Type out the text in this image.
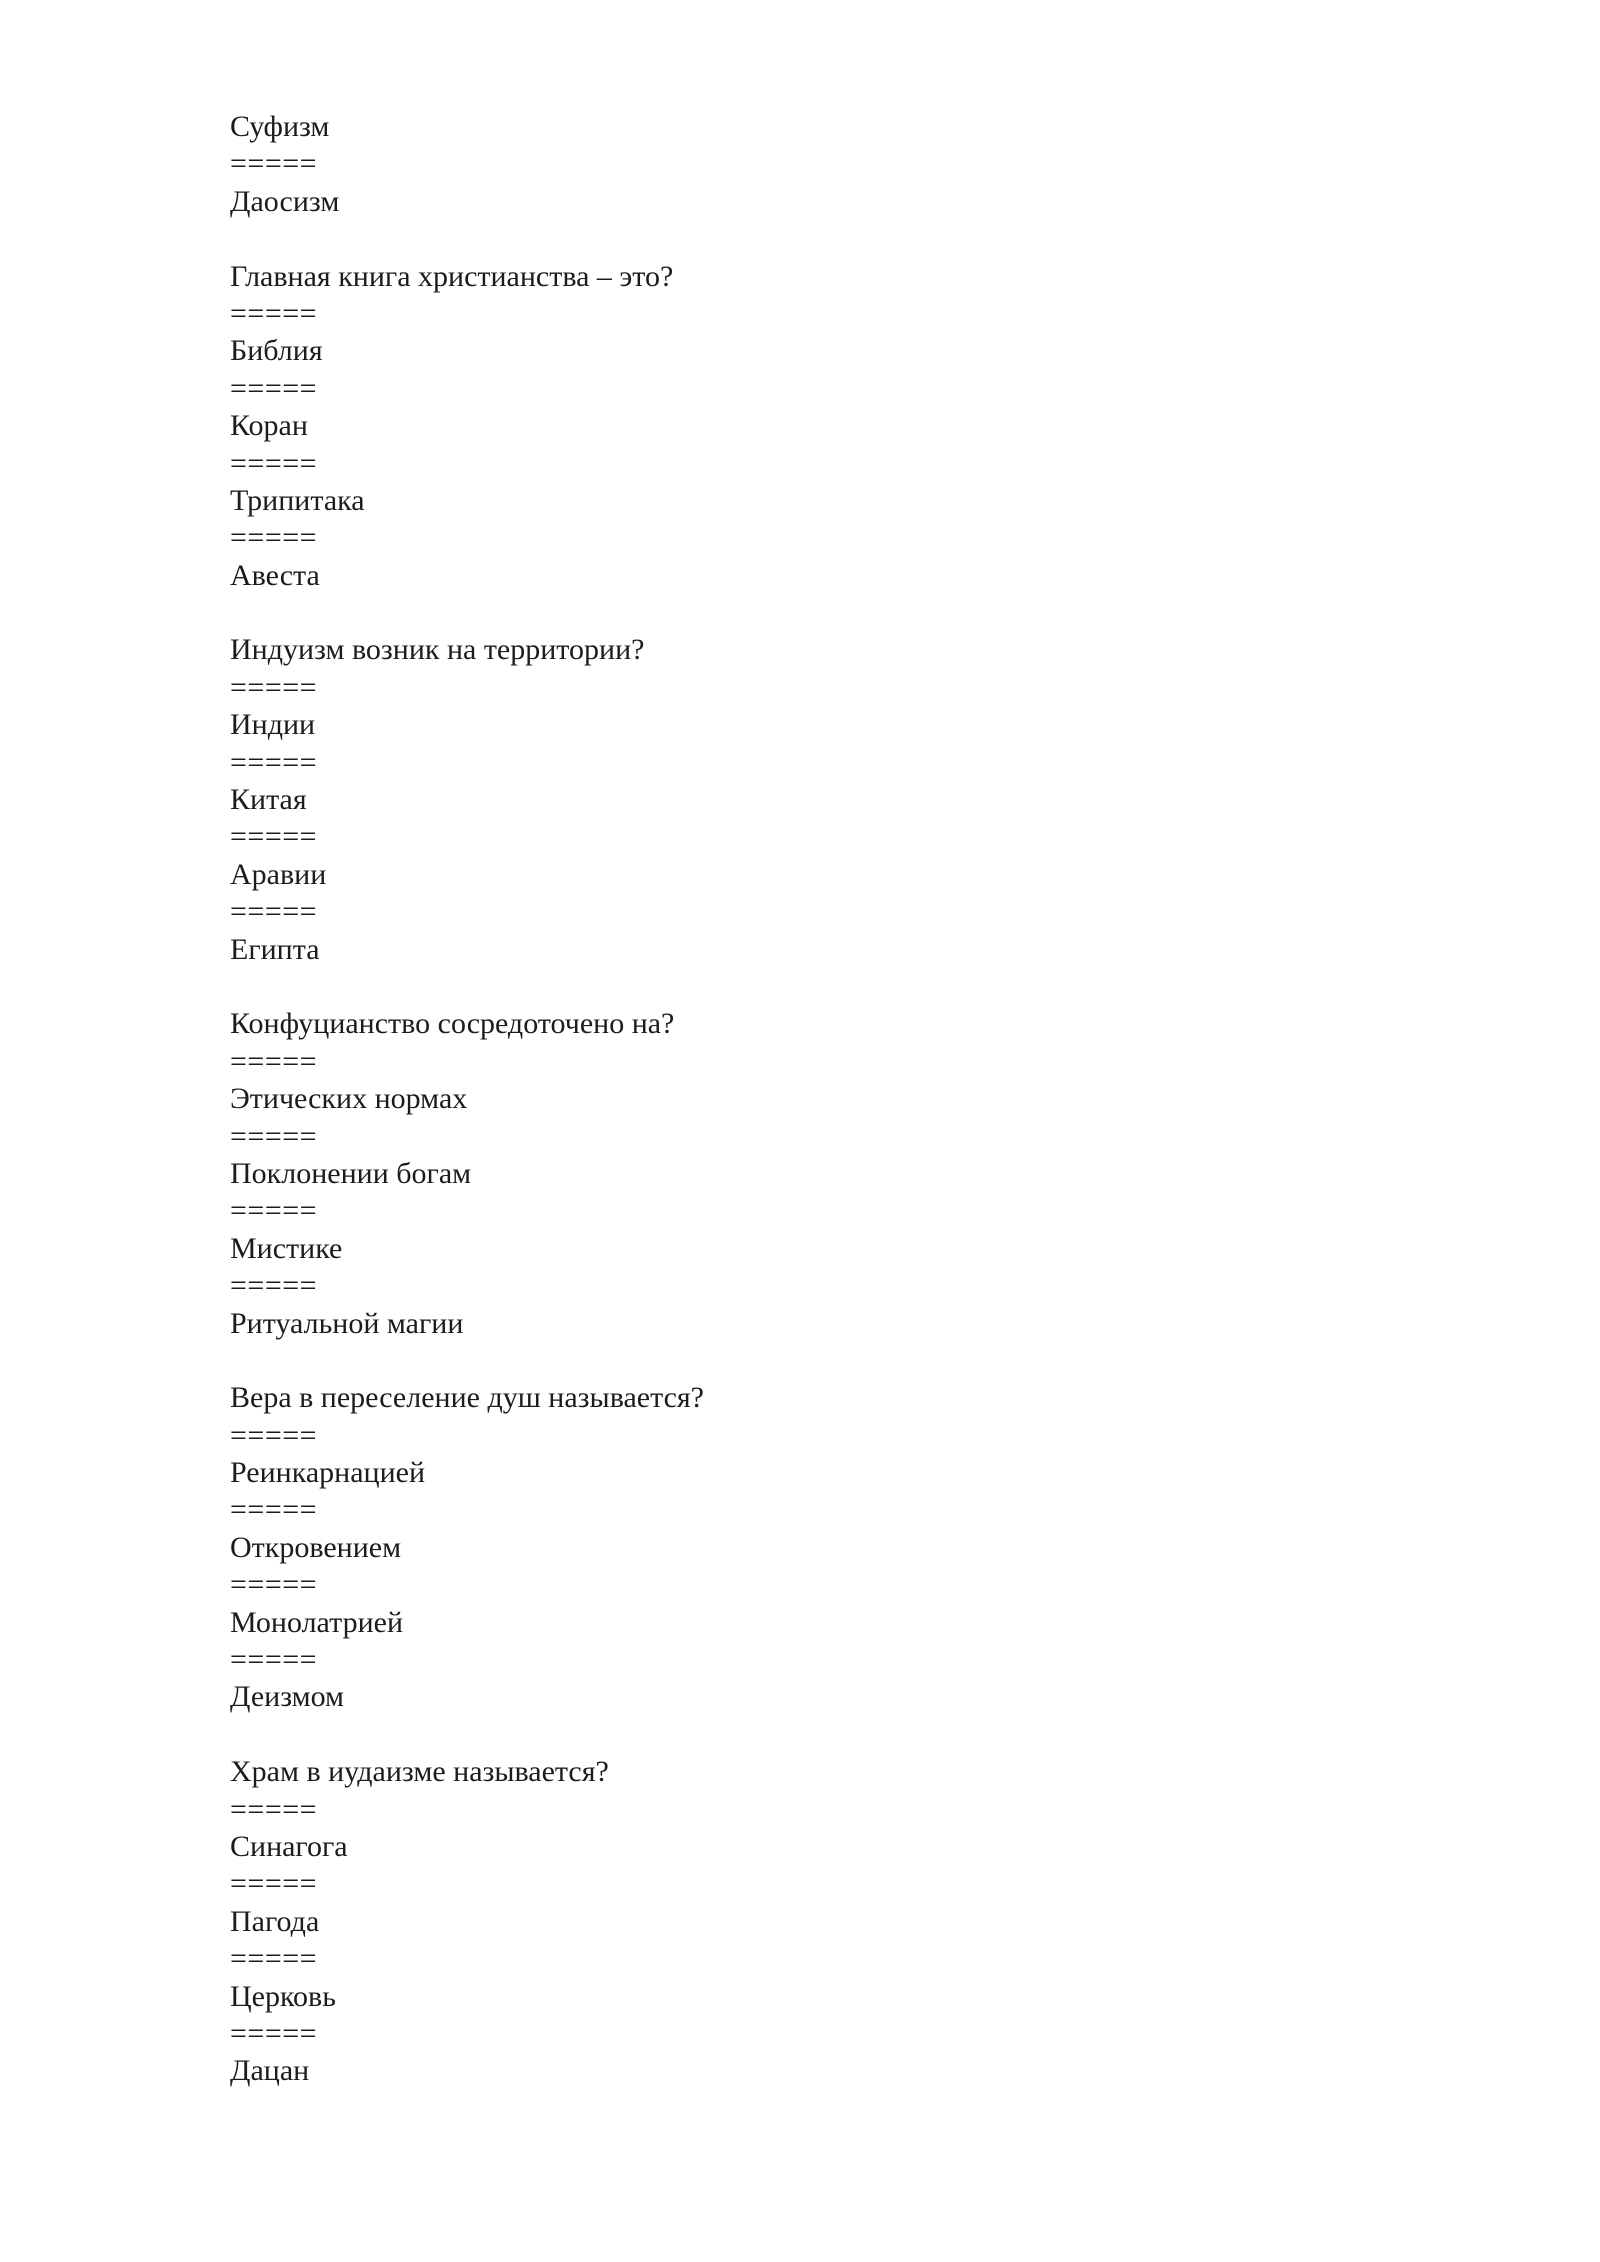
Суфизм
=====
Даосизм
Главная книга христианства – это?
=====
Библия
=====
Коран
=====
Трипитака
=====
Авеста
Индуизм возник на территории?
=====
Индии
=====
Китая
=====
Аравии
=====
Египта
Конфуцианство сосредоточено на?
=====
Этических нормах
=====
Поклонении богам
=====
Мистике
=====
Ритуальной магии
Вера в переселение душ называется?
=====
Реинкарнацией
=====
Откровением
=====
Монолатрией
=====
Деизмом
Храм в иудаизме называется?
=====
Синагога
=====
Пагода
=====
Церковь
=====
Дацан
